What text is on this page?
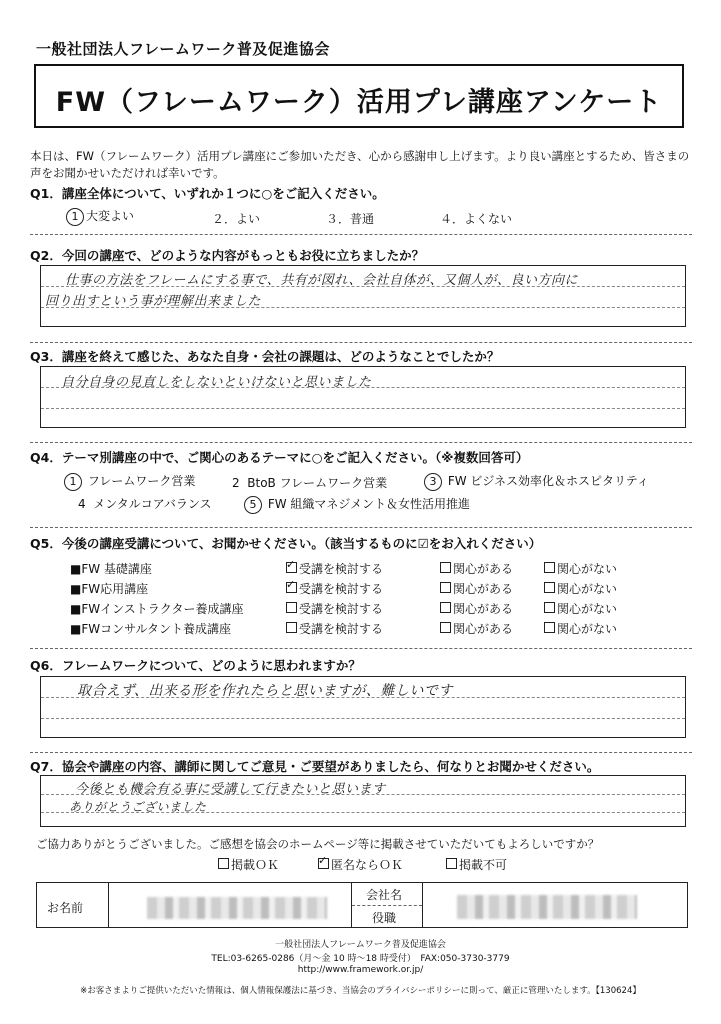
一般社団法人フレームワーク普及促進協会
FW（フレームワーク）活用プレ講座アンケート
本日は、FW（フレームワーク）活用プレ講座にご参加いただき、心から感謝申し上げます。より良い講座とするため、皆さまの声をお聞かせいただければ幸いです。
Q1．講座全体について、いずれか１つに○をご記入ください。
1 大変よい	２．よい	３．普通	４．よくない
Q2．今回の講座で、どのような内容がもっともお役に立ちましたか？
仕事の方法をフレームにする事で、共有が図れ、会社自体が、又個人が、良い方向に
回り出すという事が理解出来ました
Q3．講座を終えて感じた、あなた自身・会社の課題は、どのようなことでしたか？
自分自身の見直しをしないといけないと思いました
Q4．テーマ別講座の中で、ご関心のあるテーマに○をご記入ください。（※複数回答可）
1 フレームワーク営業	2 BtoB フレームワーク営業	3 FW ビジネス効率化＆ホスピタリティ
4 メンタルコアバランス	5 FW 組織マネジメント＆女性活用推進
Q5．今後の講座受講について、お聞かせください。（該当するものに☑をお入れください）
■FW 基礎講座 ✓	受講を検討する	関心がある	関心がない
■FW応用講座 ✓	受講を検討する	関心がある	関心がない
■FWインストラクター養成講座	受講を検討する	関心がある	関心がない
■FWコンサルタント養成講座	受講を検討する	関心がある	関心がない
Q6．フレームワークについて、どのように思われますか？
取合えず、出来る形を作れたらと思いますが、難しいです
Q7．協会や講座の内容、講師に関してご意見・ご要望がありましたら、何なりとお聞かせください。
今後とも機会有る事に受講して行きたいと思います
ありがとうございました
ご協力ありがとうございました。ご感想を協会のホームページ等に掲載させていただいてもよろしいですか？
掲載ＯＫ ✓	匿名ならＯＫ	掲載不可
お名前
会社名
役職
一般社団法人フレームワーク普及促進協会
TEL:03-6265-0286（月～金 10 時～18 時受付）　FAX:050-3730-3779
http://www.framework.or.jp/
※お客さまよりご提供いただいた情報は、個人情報保護法に基づき、当協会のプライバシーポリシーに則って、厳正に管理いたします。【130624】
